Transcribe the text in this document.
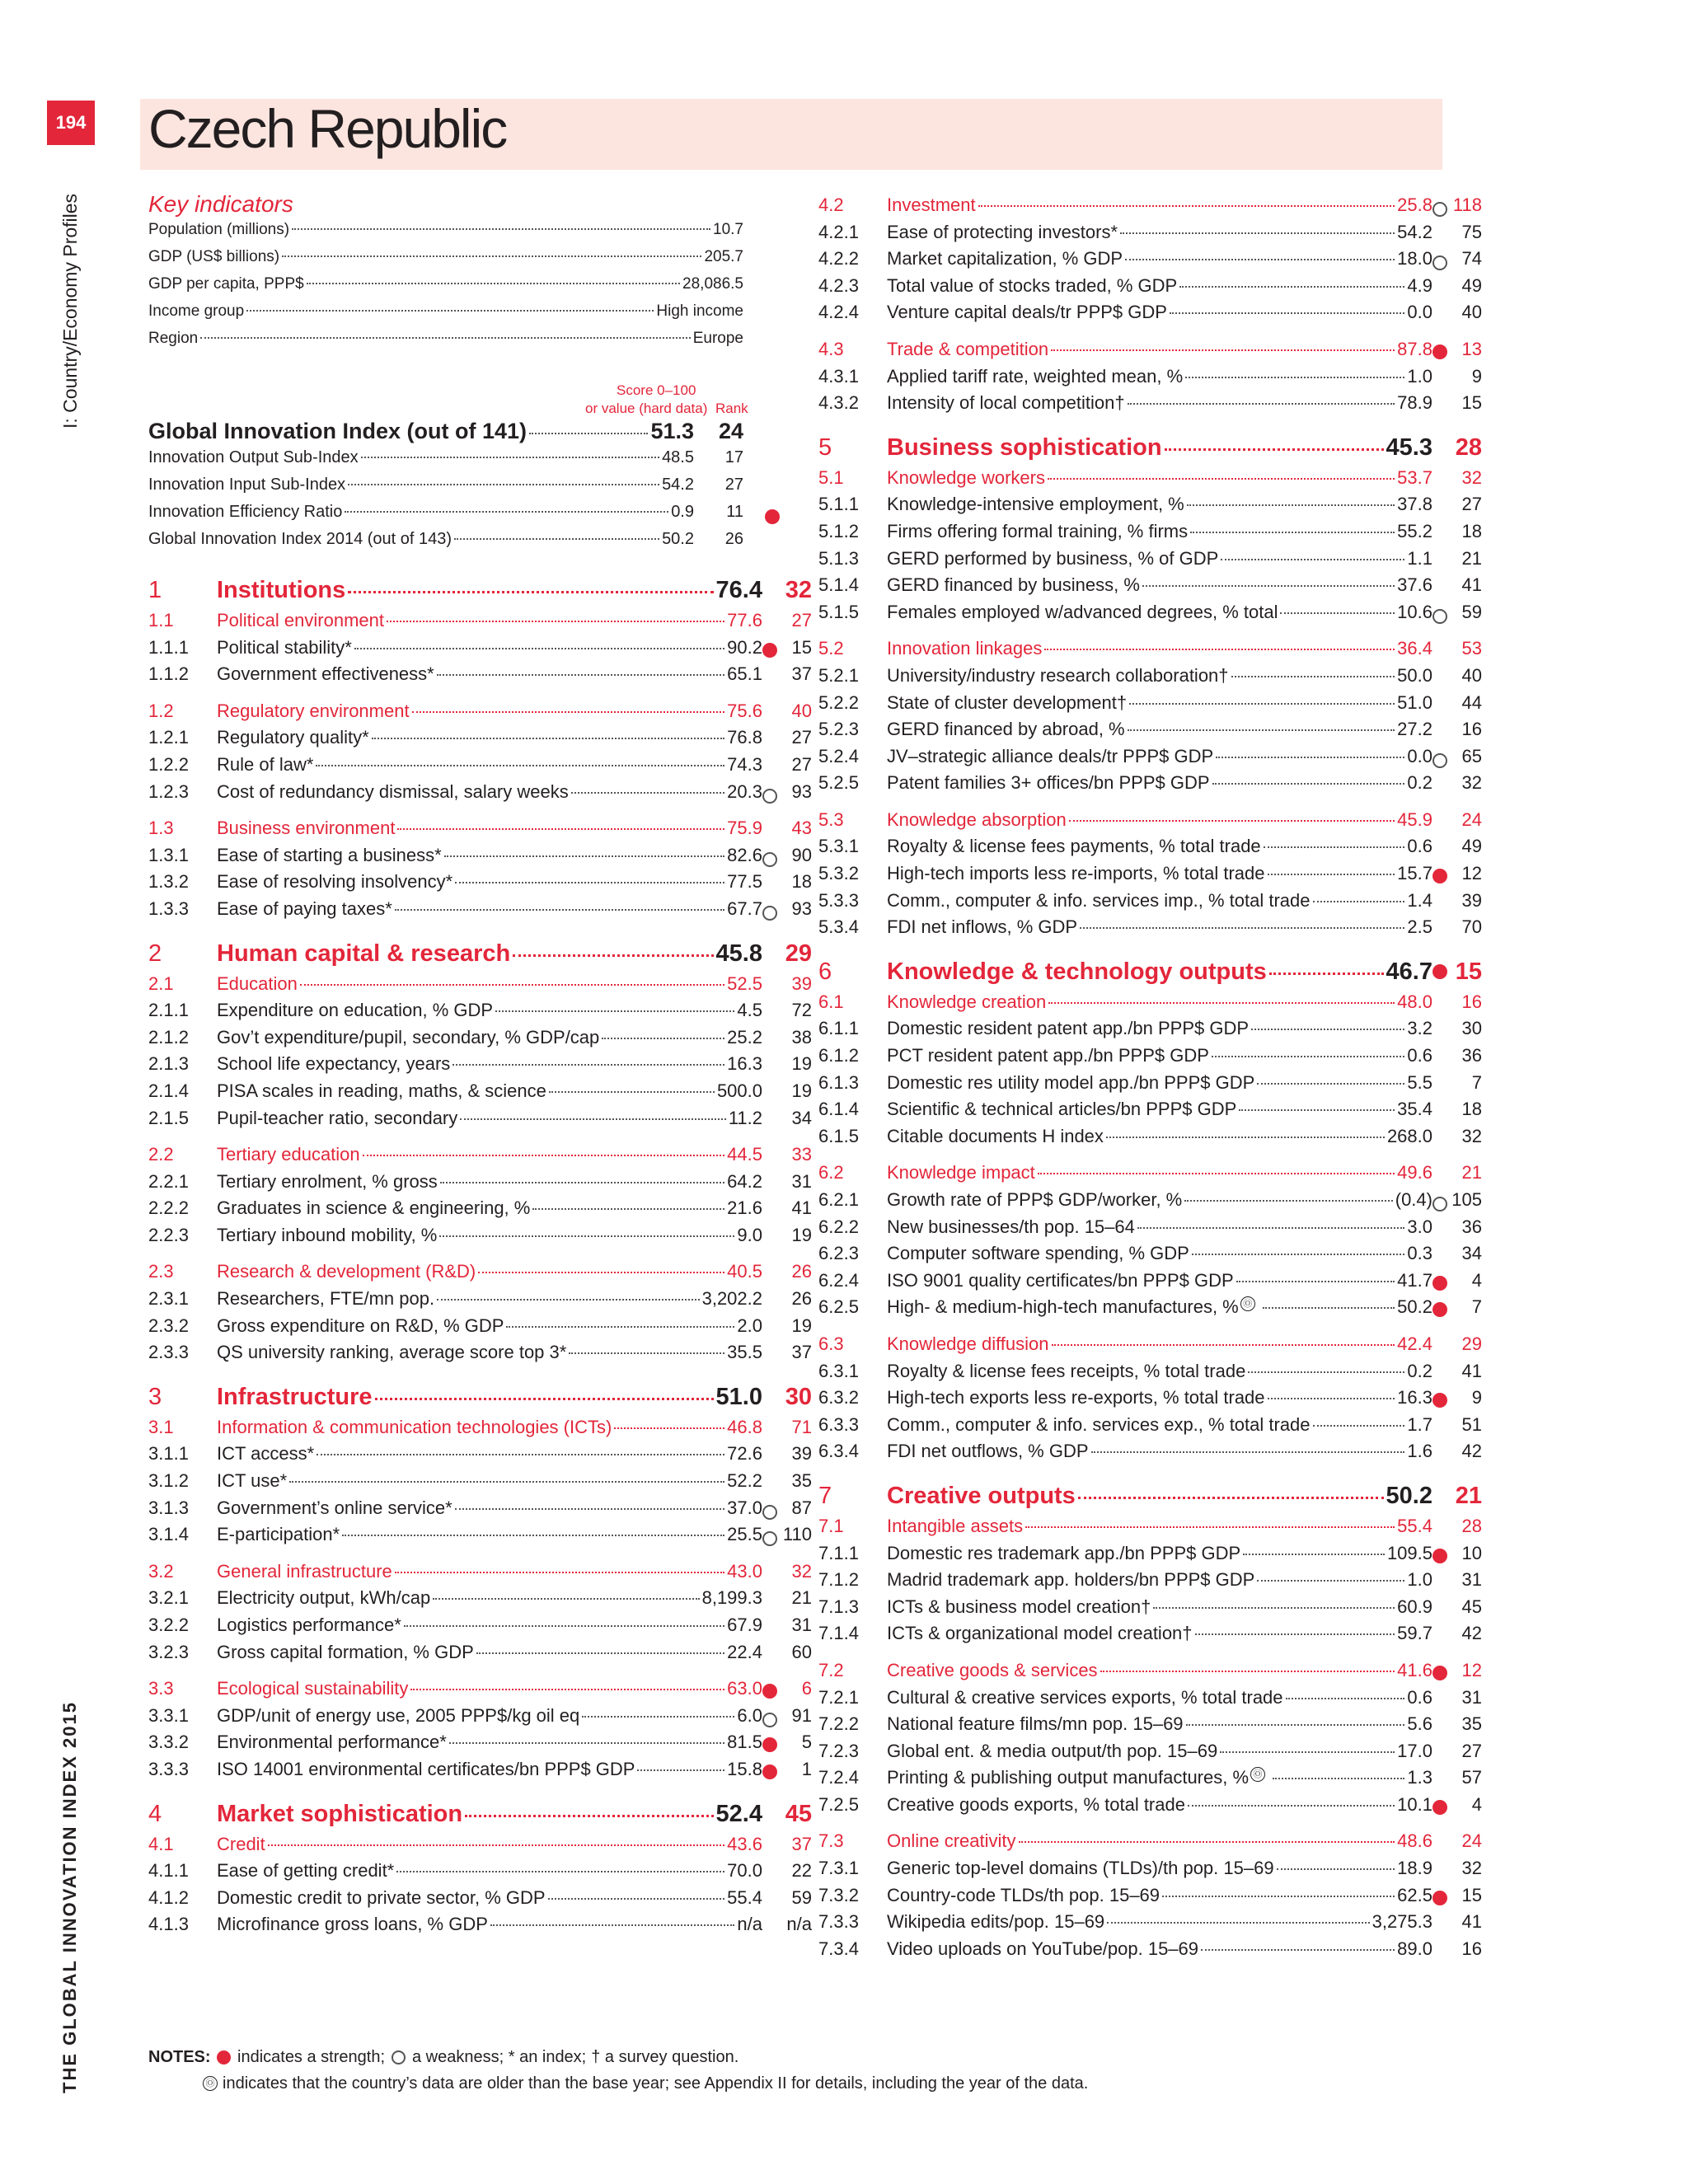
194 Czech Republic
I: Country/Economy Profiles
THE GLOBAL INNOVATION INDEX 2015
Key indicators
Population (millions)	10.7
GDP (US$ billions)	205.7
GDP per capita, PPP$	28,086.5
Income group	High income
Region	Europe
Score 0–100
or value (hard data) Rank
Global Innovation Index (out of 141)	51.3	24
Innovation Output Sub-Index	48.5	17
Innovation Input Sub-Index	54.2	27
Innovation Efficiency Ratio	0.9	11
Global Innovation Index 2014 (out of 143)	50.2	26
1	Institutions	76.4 32
1.1	Political environment	77.6	27
1.1.1	Political stability*	90.2	15
1.1.2	Government effectiveness*	65.1	37
1.2	Regulatory environment	75.6	40
1.2.1	Regulatory quality*	76.8	27
1.2.2	Rule of law*	74.3	27
1.2.3	Cost of redundancy dismissal, salary weeks	20.3	93
1.3	Business environment	75.9	43
1.3.1	Ease of starting a business*	82.6	90
1.3.2	Ease of resolving insolvency*	77.5	18
1.3.3	Ease of paying taxes*	67.7	93
2	Human capital & research	45.8 29
2.1	Education	52.5	39
2.1.1	Expenditure on education, % GDP	4.5	72
2.1.2	Gov’t expenditure/pupil, secondary, % GDP/cap	25.2	38
2.1.3	School life expectancy, years	16.3	19
2.1.4	PISA scales in reading, maths, & science	500.0	19
2.1.5	Pupil-teacher ratio, secondary	11.2	34
2.2	Tertiary education	44.5	33
2.2.1	Tertiary enrolment, % gross	64.2	31
2.2.2	Graduates in science & engineering, %	21.6	41
2.2.3	Tertiary inbound mobility, %	9.0	19
2.3	Research & development (R&D)	40.5	26
2.3.1	Researchers, FTE/mn pop.	3,202.2	26
2.3.2	Gross expenditure on R&D, % GDP	2.0	19
2.3.3	QS university ranking, average score top 3*	35.5	37
3	Infrastructure	51.0 30
3.1	Information & communication technologies (ICTs)	46.8	71
3.1.1	ICT access*	72.6	39
3.1.2	ICT use*	52.2	35
3.1.3	Government’s online service*	37.0	87
3.1.4	E-participation*	25.5	110
3.2	General infrastructure	43.0	32
3.2.1	Electricity output, kWh/cap	8,199.3	21
3.2.2	Logistics performance*	67.9	31
3.2.3	Gross capital formation, % GDP	22.4	60
3.3	Ecological sustainability	63.0	6
3.3.1	GDP/unit of energy use, 2005 PPP$/kg oil eq	6.0	91
3.3.2	Environmental performance*	81.5	5
3.3.3	ISO 14001 environmental certificates/bn PPP$ GDP	15.8	1
4	Market sophistication	52.4 45
4.1	Credit	43.6	37
4.1.1	Ease of getting credit*	70.0	22
4.1.2	Domestic credit to private sector, % GDP	55.4	59
4.1.3	Microfinance gross loans, % GDP	n/a	n/a
4.2	Investment	25.8	118
4.2.1	Ease of protecting investors*	54.2	75
4.2.2	Market capitalization, % GDP	18.0	74
4.2.3	Total value of stocks traded, % GDP	4.9	49
4.2.4	Venture capital deals/tr PPP$ GDP	0.0	40
4.3	Trade & competition	87.8	13
4.3.1	Applied tariff rate, weighted mean, %	1.0	9
4.3.2	Intensity of local competition†	78.9	15
5	Business sophistication	45.3 28
5.1	Knowledge workers	53.7	32
5.1.1	Knowledge-intensive employment, %	37.8	27
5.1.2	Firms offering formal training, % firms	55.2	18
5.1.3	GERD performed by business, % of GDP	1.1	21
5.1.4	GERD financed by business, %	37.6	41
5.1.5	Females employed w/advanced degrees, % total	10.6	59
5.2	Innovation linkages	36.4	53
5.2.1	University/industry research collaboration†	50.0	40
5.2.2	State of cluster development†	51.0	44
5.2.3	GERD financed by abroad, %	27.2	16
5.2.4	JV–strategic alliance deals/tr PPP$ GDP	0.0	65
5.2.5	Patent families 3+ offices/bn PPP$ GDP	0.2	32
5.3	Knowledge absorption	45.9	24
5.3.1	Royalty & license fees payments, % total trade	0.6	49
5.3.2	High-tech imports less re-imports, % total trade	15.7	12
5.3.3	Comm., computer & info. services imp., % total trade	1.4	39
5.3.4	FDI net inflows, % GDP	2.5	70
6	Knowledge & technology outputs	46.7 15
6.1	Knowledge creation	48.0	16
6.1.1	Domestic resident patent app./bn PPP$ GDP	3.2	30
6.1.2	PCT resident patent app./bn PPP$ GDP	0.6	36
6.1.3	Domestic res utility model app./bn PPP$ GDP	5.5	7
6.1.4	Scientific & technical articles/bn PPP$ GDP	35.4	18
6.1.5	Citable documents H index	268.0	32
6.2	Knowledge impact	49.6	21
6.2.1	Growth rate of PPP$ GDP/worker, %	(0.4)	105
6.2.2	New businesses/th pop. 15–64	3.0	36
6.2.3	Computer software spending, % GDP	0.3	34
6.2.4	ISO 9001 quality certificates/bn PPP$ GDP	41.7	4
6.2.5	High- & medium-high-tech manufactures, % Ⓞ	50.2	7
6.3	Knowledge diffusion	42.4	29
6.3.1	Royalty & license fees receipts, % total trade	0.2	41
6.3.2	High-tech exports less re-exports, % total trade	16.3	9
6.3.3	Comm., computer & info. services exp., % total trade	1.7	51
6.3.4	FDI net outflows, % GDP	1.6	42
7	Creative outputs	50.2 21
7.1	Intangible assets	55.4	28
7.1.1	Domestic res trademark app./bn PPP$ GDP	109.5	10
7.1.2	Madrid trademark app. holders/bn PPP$ GDP	1.0	31
7.1.3	ICTs & business model creation†	60.9	45
7.1.4	ICTs & organizational model creation†	59.7	42
7.2	Creative goods & services	41.6	12
7.2.1	Cultural & creative services exports, % total trade	0.6	31
7.2.2	National feature films/mn pop. 15–69	5.6	35
7.2.3	Global ent. & media output/th pop. 15–69	17.0	27
7.2.4	Printing & publishing output manufactures, % Ⓞ	1.3	57
7.2.5	Creative goods exports, % total trade	10.1	4
7.3	Online creativity	48.6	24
7.3.1	Generic top-level domains (TLDs)/th pop. 15–69	18.9	32
7.3.2	Country-code TLDs/th pop. 15–69	62.5	15
7.3.3	Wikipedia edits/pop. 15–69	3,275.3	41
7.3.4	Video uploads on YouTube/pop. 15–69	89.0	16
NOTES: indicates a strength; a weakness; * an index; † a survey question.
Ⓞ indicates that the country’s data are older than the base year; see Appendix II for details, including the year of the data.
